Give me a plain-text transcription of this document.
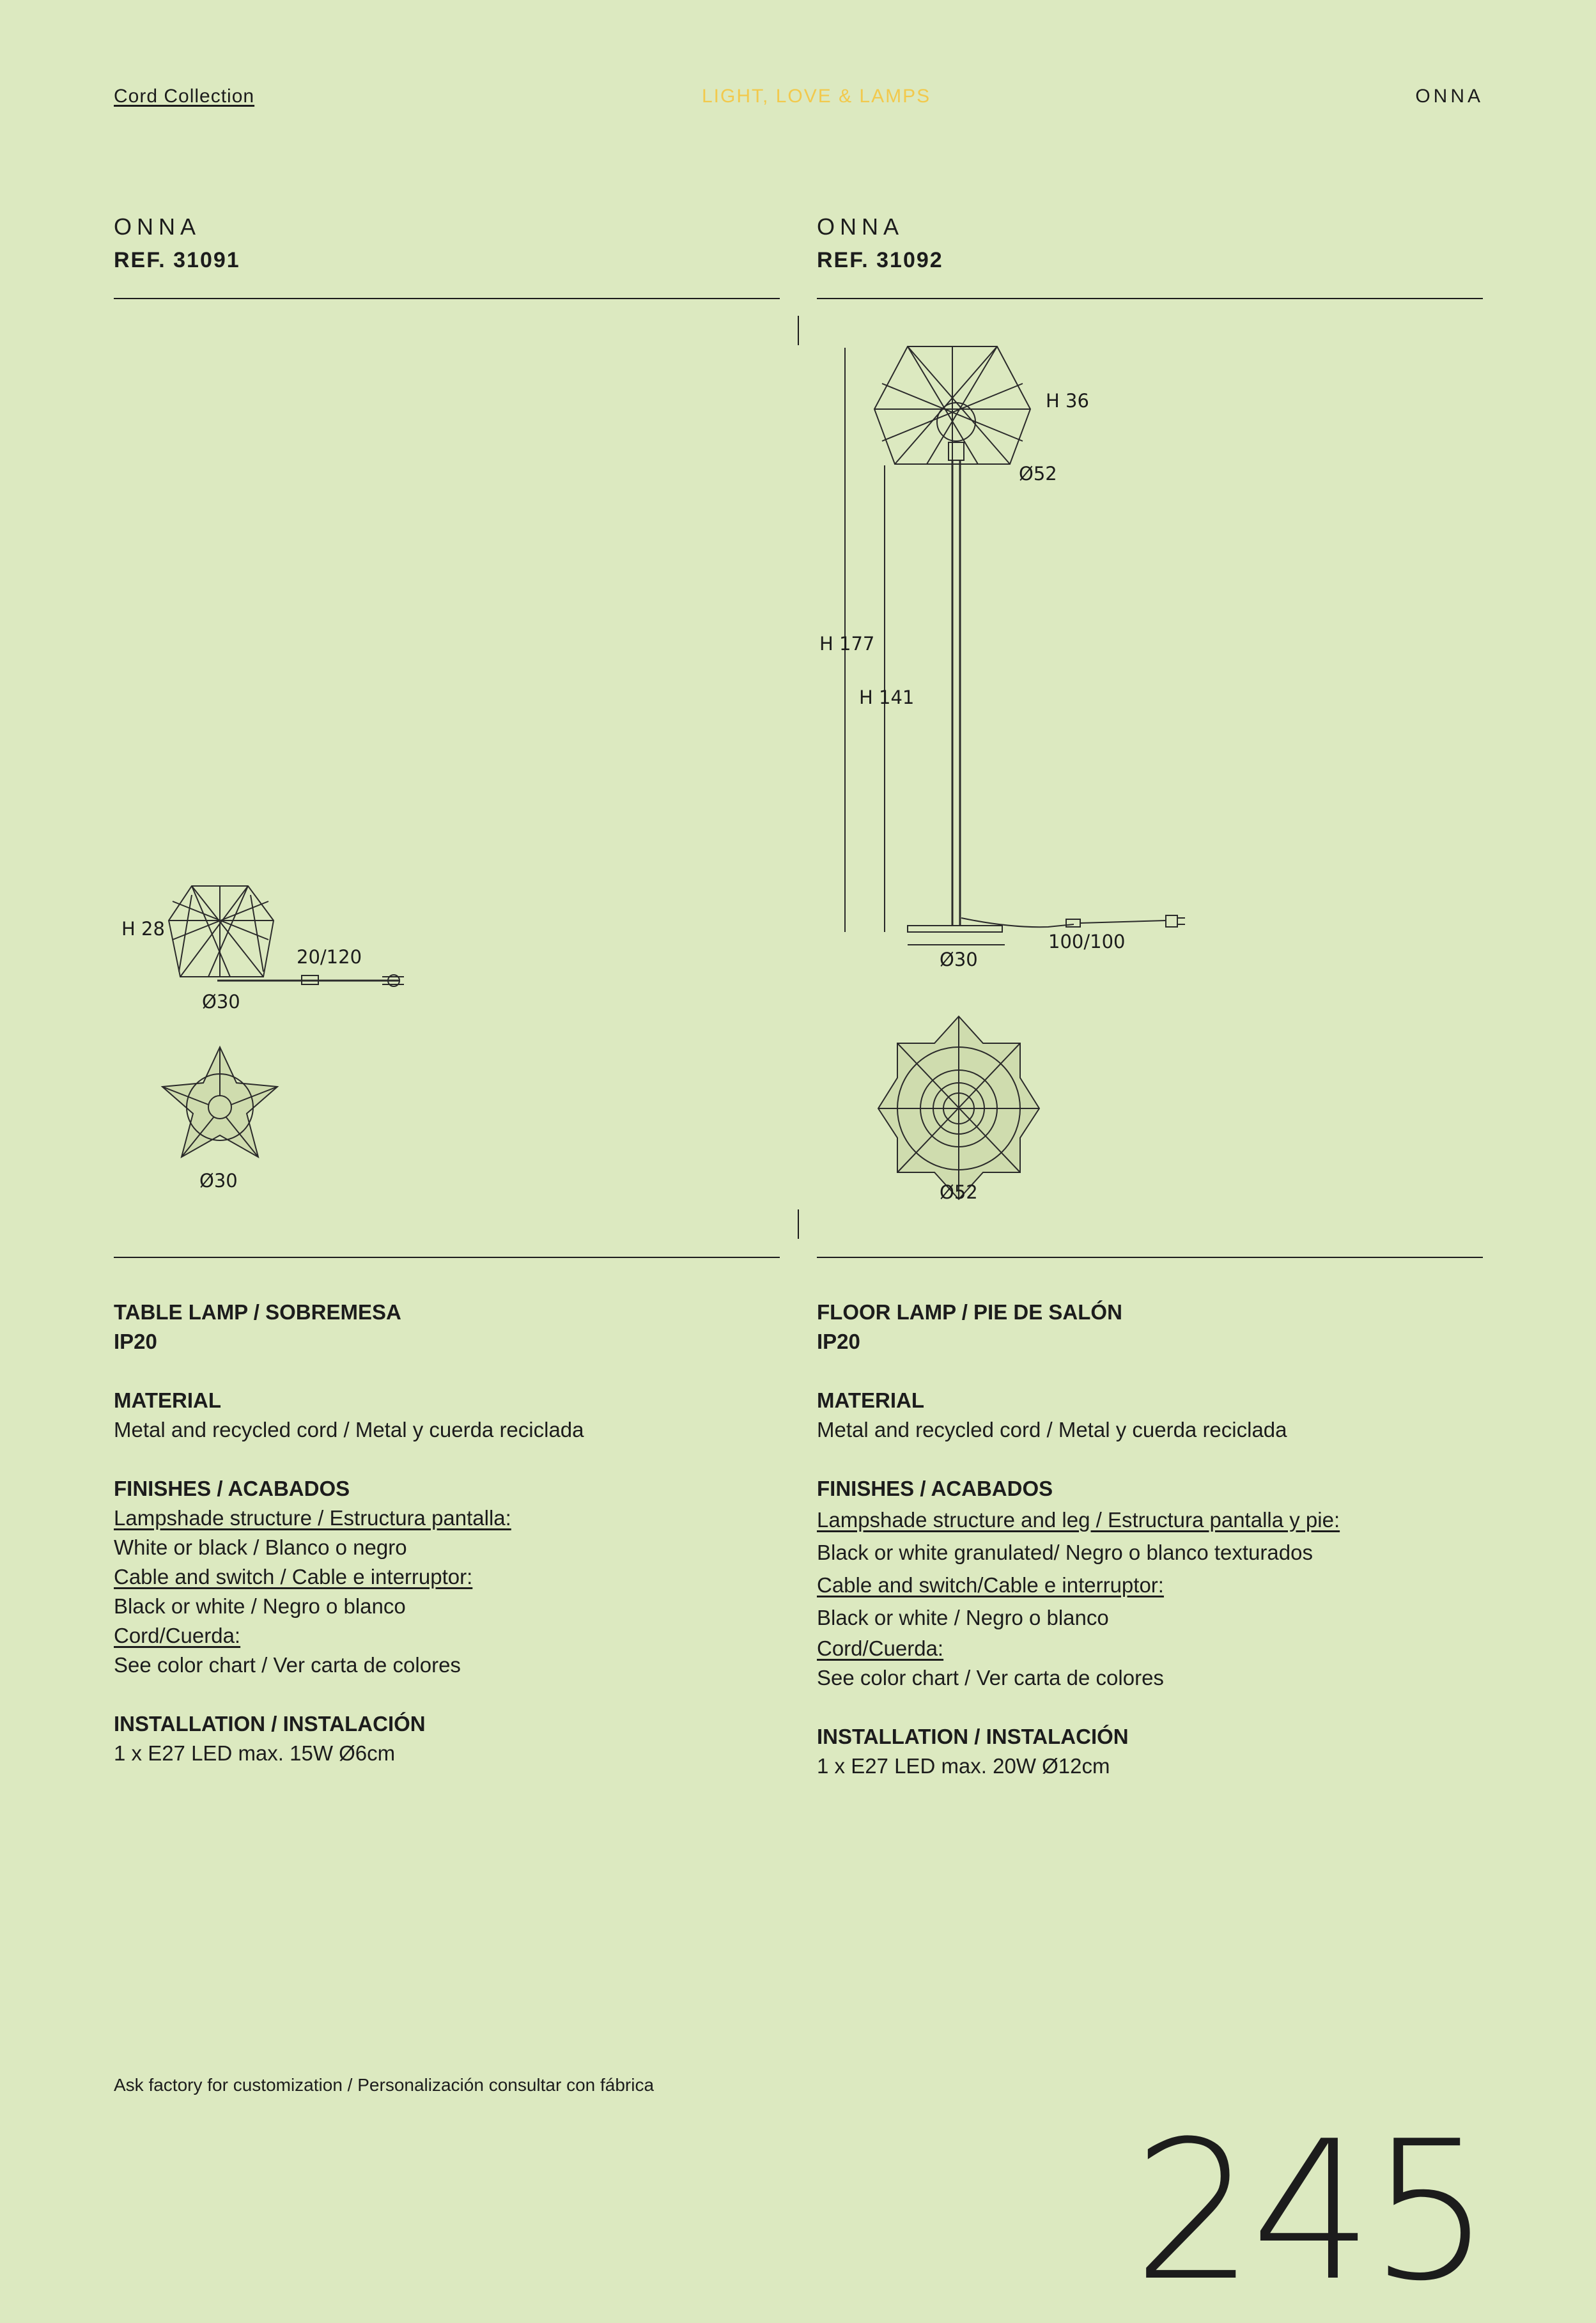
Cord Collection	LIGHT, LOVE & LAMPS	ONNA
ONNA
REF. 31091
ONNA
REF. 31092
H 28
20/120
Ø30
Ø30
H 36
Ø52
H 177
H 141
Ø30
100/100
Ø52
TABLE LAMP / SOBREMESA
IP20
MATERIAL
Metal and recycled cord / Metal y cuerda reciclada
FINISHES / ACABADOS
Lampshade structure / Estructura pantalla:
White or black / Blanco o negro
Cable and switch / Cable e interruptor:
Black or white / Negro o blanco
Cord/Cuerda:
See color chart / Ver carta de colores
INSTALLATION / INSTALACIÓN
1 x E27 LED max. 15W Ø6cm
FLOOR LAMP / PIE DE SALÓN
IP20
MATERIAL
Metal and recycled cord / Metal y cuerda reciclada
FINISHES / ACABADOS
Lampshade structure and leg / Estructura pantalla y pie:
Black or white granulated/ Negro o blanco texturados
Cable and switch/Cable e interruptor:
Black or white / Negro o blanco
Cord/Cuerda:
See color chart / Ver carta de colores
INSTALLATION / INSTALACIÓN
1 x E27 LED max. 20W Ø12cm
Ask factory for customization / Personalización consultar con fábrica
245
